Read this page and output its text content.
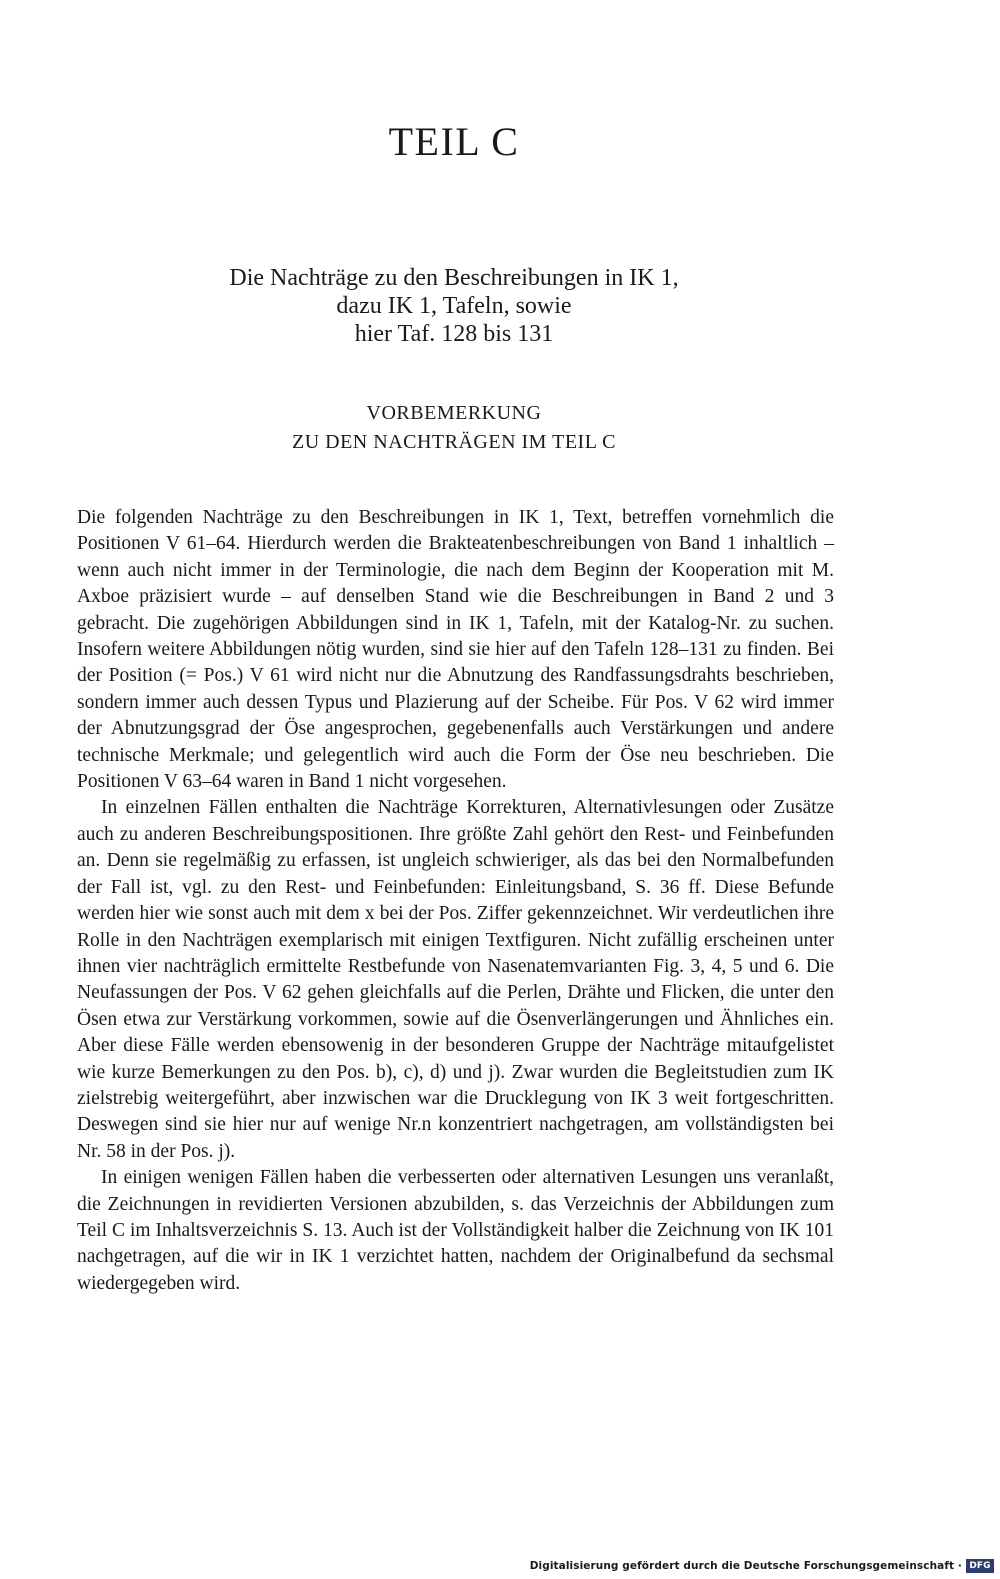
TEIL C
Die Nachträge zu den Beschreibungen in IK 1,
dazu IK 1, Tafeln, sowie
hier Taf. 128 bis 131
VORBEMERKUNG
ZU DEN NACHTRÄGEN IM TEIL C

Die folgenden Nachträge zu den Beschreibungen in IK 1, Text, betreffen vornehmlich die Positionen V 61–64. Hierdurch werden die Brakteatenbeschreibungen von Band 1 inhaltlich – wenn auch nicht immer in der Terminologie, die nach dem Beginn der Kooperation mit M. Axboe präzisiert wurde – auf denselben Stand wie die Beschreibungen in Band 2 und 3 gebracht. Die zugehörigen Abbildungen sind in IK 1, Tafeln, mit der Katalog-Nr. zu suchen. Insofern weitere Abbildungen nötig wurden, sind sie hier auf den Tafeln 128–131 zu finden. Bei der Position (= Pos.) V 61 wird nicht nur die Abnutzung des Randfassungsdrahts beschrieben, sondern immer auch dessen Typus und Plazierung auf der Scheibe. Für Pos. V 62 wird immer der Abnutzungsgrad der Öse angesprochen, gegebenenfalls auch Verstärkungen und andere technische Merkmale; und gelegentlich wird auch die Form der Öse neu beschrieben. Die Positionen V 63–64 waren in Band 1 nicht vorgesehen.

In einzelnen Fällen enthalten die Nachträge Korrekturen, Alternativlesungen oder Zusätze auch zu anderen Beschreibungspositionen. Ihre größte Zahl gehört den Rest- und Feinbefunden an. Denn sie regelmäßig zu erfassen, ist ungleich schwieriger, als das bei den Normalbefunden der Fall ist, vgl. zu den Rest- und Feinbefunden: Einleitungsband, S. 36 ff. Diese Befunde werden hier wie sonst auch mit dem x bei der Pos. Ziffer gekennzeichnet. Wir verdeutlichen ihre Rolle in den Nachträgen exemplarisch mit einigen Textfiguren. Nicht zufällig erscheinen unter ihnen vier nachträglich ermittelte Restbefunde von Nasenatemvarianten Fig. 3, 4, 5 und 6. Die Neufassungen der Pos. V 62 gehen gleichfalls auf die Perlen, Drähte und Flicken, die unter den Ösen etwa zur Verstärkung vorkommen, sowie auf die Ösenverlängerungen und Ähnliches ein. Aber diese Fälle werden ebensowenig in der besonderen Gruppe der Nachträge mitaufgelistet wie kurze Bemerkungen zu den Pos. b), c), d) und j). Zwar wurden die Begleitstudien zum IK zielstrebig weitergeführt, aber inzwischen war die Drucklegung von IK 3 weit fortgeschritten. Deswegen sind sie hier nur auf wenige Nr.n konzentriert nachgetragen, am vollständigsten bei Nr. 58 in der Pos. j).

In einigen wenigen Fällen haben die verbesserten oder alternativen Lesungen uns veranlaßt, die Zeichnungen in revidierten Versionen abzubilden, s. das Verzeichnis der Abbildungen zum Teil C im Inhaltsverzeichnis S. 13. Auch ist der Vollständigkeit halber die Zeichnung von IK 101 nachgetragen, auf die wir in IK 1 verzichtet hatten, nachdem der Originalbefund da sechsmal wiedergegeben wird.

Digitalisierung gefördert durch die Deutsche Forschungsgemeinschaft · DFG
